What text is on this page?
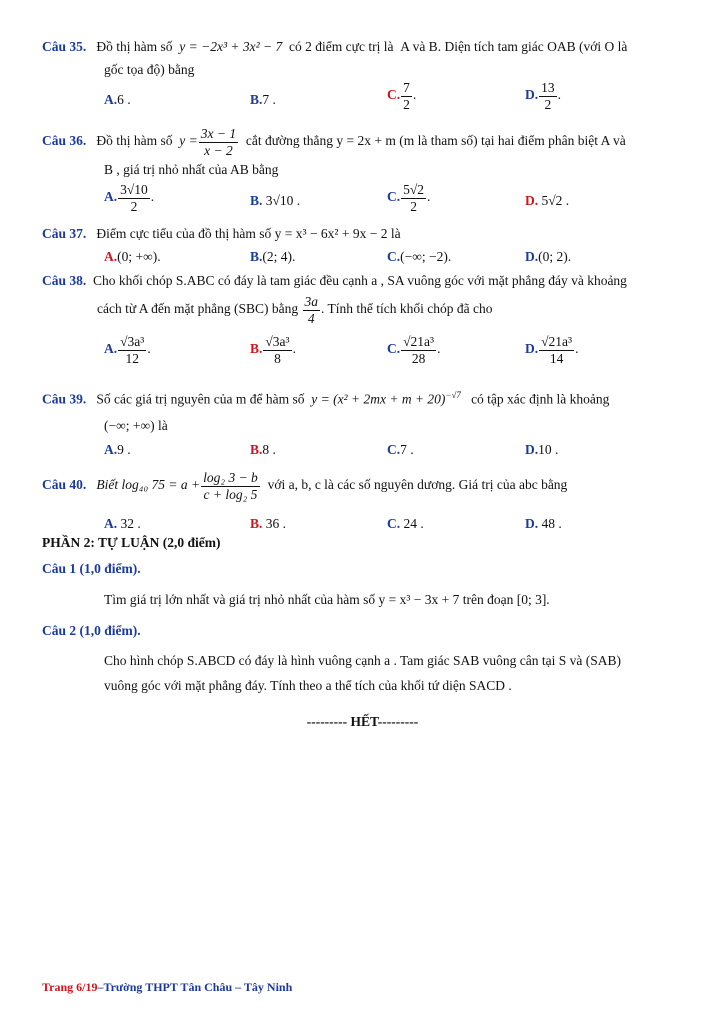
Câu 35. Đồ thị hàm số y = −2x³ + 3x² − 7 có 2 điểm cực trị là A và B. Diện tích tam giác OAB (với O là
gốc tọa độ) bằng
A.6 .	B.7 .	C. $\frac{7}{2}$ .	D. $\frac{13}{2}$ .
Câu 36. Đồ thị hàm số $y = \frac{3x - 1}{x - 2}$ cắt đường thẳng y = 2x + m (m là tham số) tại hai điểm phân biệt A và
B , giá trị nhỏ nhất của AB bằng
A. $\frac{3√10}{2}$ .	B. 3√10 .	C. $\frac{5√2}{2}$ .	D. 5√2 .
Câu 37. Điểm cực tiểu của đồ thị hàm số y = x³ − 6x² + 9x − 2 là
A.(0; +∞).	B.(2; 4).	C.(−∞; −2).	D.(0; 2).
Câu 38. Cho khối chóp S.ABC có đáy là tam giác đều cạnh a , SA vuông góc với mặt phẳng đáy và khoảng
cách từ A đến mặt phẳng (SBC) bằng $\frac{3a}{4}$ . Tính thể tích khối chóp đã cho
A. $\frac{\text{√3a³}}{12}$ .	B. $\frac{\text{√3a³}}{8}$ .	C. $\frac{\text{√21a³}}{28}$ .	D. $\frac{\text{√21a³}}{14}$ .
Câu 39. Số các giá trị nguyên của m để hàm số $y = (x^2 + 2mx + m + 20)^{-√7}$ có tập xác định là khoảng
(−∞; +∞) là
A.9 .	B.8 .	C.7 .	D.10 .
Câu 40. Biết log₄₀ $75 = a + \frac{\text{log₂ 3 − b}}{\text{c + log₂ 5}}$ với a, b, c là các số nguyên dương. Giá trị của abc bằng
A. 32 .	B. 36 .	C. 24 .	D. 48 .
PHẦN 2: TỰ LUẬN (2,0 điểm)
Câu 1 (1,0 điểm).
Tìm giá trị lớn nhất và giá trị nhỏ nhất của hàm số y = x³ − 3x + 7 trên đoạn [0; 3].
Câu 2 (1,0 điểm).
Cho hình chóp S.ABCD có đáy là hình vuông cạnh a . Tam giác SAB vuông cân tại S và (SAB)
vuông góc với mặt phẳng đáy. Tính theo a thể tích của khối tứ diện SACD .
--------- HẾT---------
Trang 6/19–Trường THPT Tân Châu – Tây Ninh
